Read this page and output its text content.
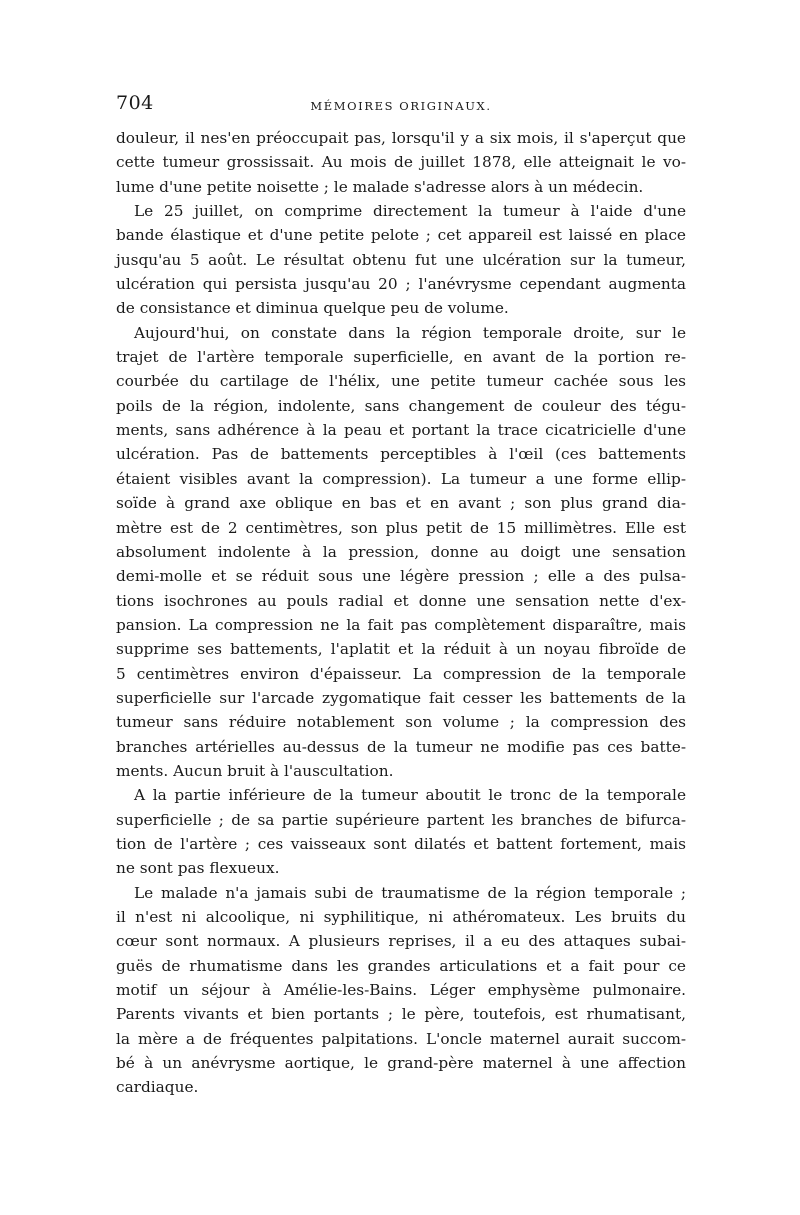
704	MÉMOIRES ORIGINAUX.
douleur, il nes'en préoccupait pas, lorsqu'il y a six mois, il s'aperçut que
cette tumeur grossissait. Au mois de juillet 1878, elle atteignait le vo-
lume d'une petite noisette ; le malade s'adresse alors à un médecin.
Le 25 juillet, on comprime directement la tumeur à l'aide d'une
bande élastique et d'une petite pelote ; cet appareil est laissé en place
jusqu'au 5 août. Le résultat obtenu fut une ulcération sur la tumeur,
ulcération qui persista jusqu'au 20 ; l'anévrysme cependant augmenta
de consistance et diminua quelque peu de volume.
Aujourd'hui, on constate dans la région temporale droite, sur le
trajet de l'artère temporale superficielle, en avant de la portion re-
courbée du cartilage de l'hélix, une petite tumeur cachée sous les
poils de la région, indolente, sans changement de couleur des tégu-
ments, sans adhérence à la peau et portant la trace cicatricielle d'une
ulcération. Pas de battements perceptibles à l'œil (ces battements
étaient visibles avant la compression). La tumeur a une forme ellip-
soïde à grand axe oblique en bas et en avant ; son plus grand dia-
mètre est de 2 centimètres, son plus petit de 15 millimètres. Elle est
absolument indolente à la pression, donne au doigt une sensation
demi-molle et se réduit sous une légère pression ; elle a des pulsa-
tions isochrones au pouls radial et donne une sensation nette d'ex-
pansion. La compression ne la fait pas complètement disparaître, mais
supprime ses battements, l'aplatit et la réduit à un noyau fibroïde de
5 centimètres environ d'épaisseur. La compression de la temporale
superficielle sur l'arcade zygomatique fait cesser les battements de la
tumeur sans réduire notablement son volume ; la compression des
branches artérielles au-dessus de la tumeur ne modifie pas ces batte-
ments. Aucun bruit à l'auscultation.
A la partie inférieure de la tumeur aboutit le tronc de la temporale
superficielle ; de sa partie supérieure partent les branches de bifurca-
tion de l'artère ; ces vaisseaux sont dilatés et battent fortement, mais
ne sont pas flexueux.
Le malade n'a jamais subi de traumatisme de la région temporale ;
il n'est ni alcoolique, ni syphilitique, ni athéromateux. Les bruits du
cœur sont normaux. A plusieurs reprises, il a eu des attaques subai-
guës de rhumatisme dans les grandes articulations et a fait pour ce
motif un séjour à Amélie-les-Bains. Léger emphysème pulmonaire.
Parents vivants et bien portants ; le père, toutefois, est rhumatisant,
la mère a de fréquentes palpitations. L'oncle maternel aurait succom-
bé à un anévrysme aortique, le grand-père maternel à une affection
cardiaque.
